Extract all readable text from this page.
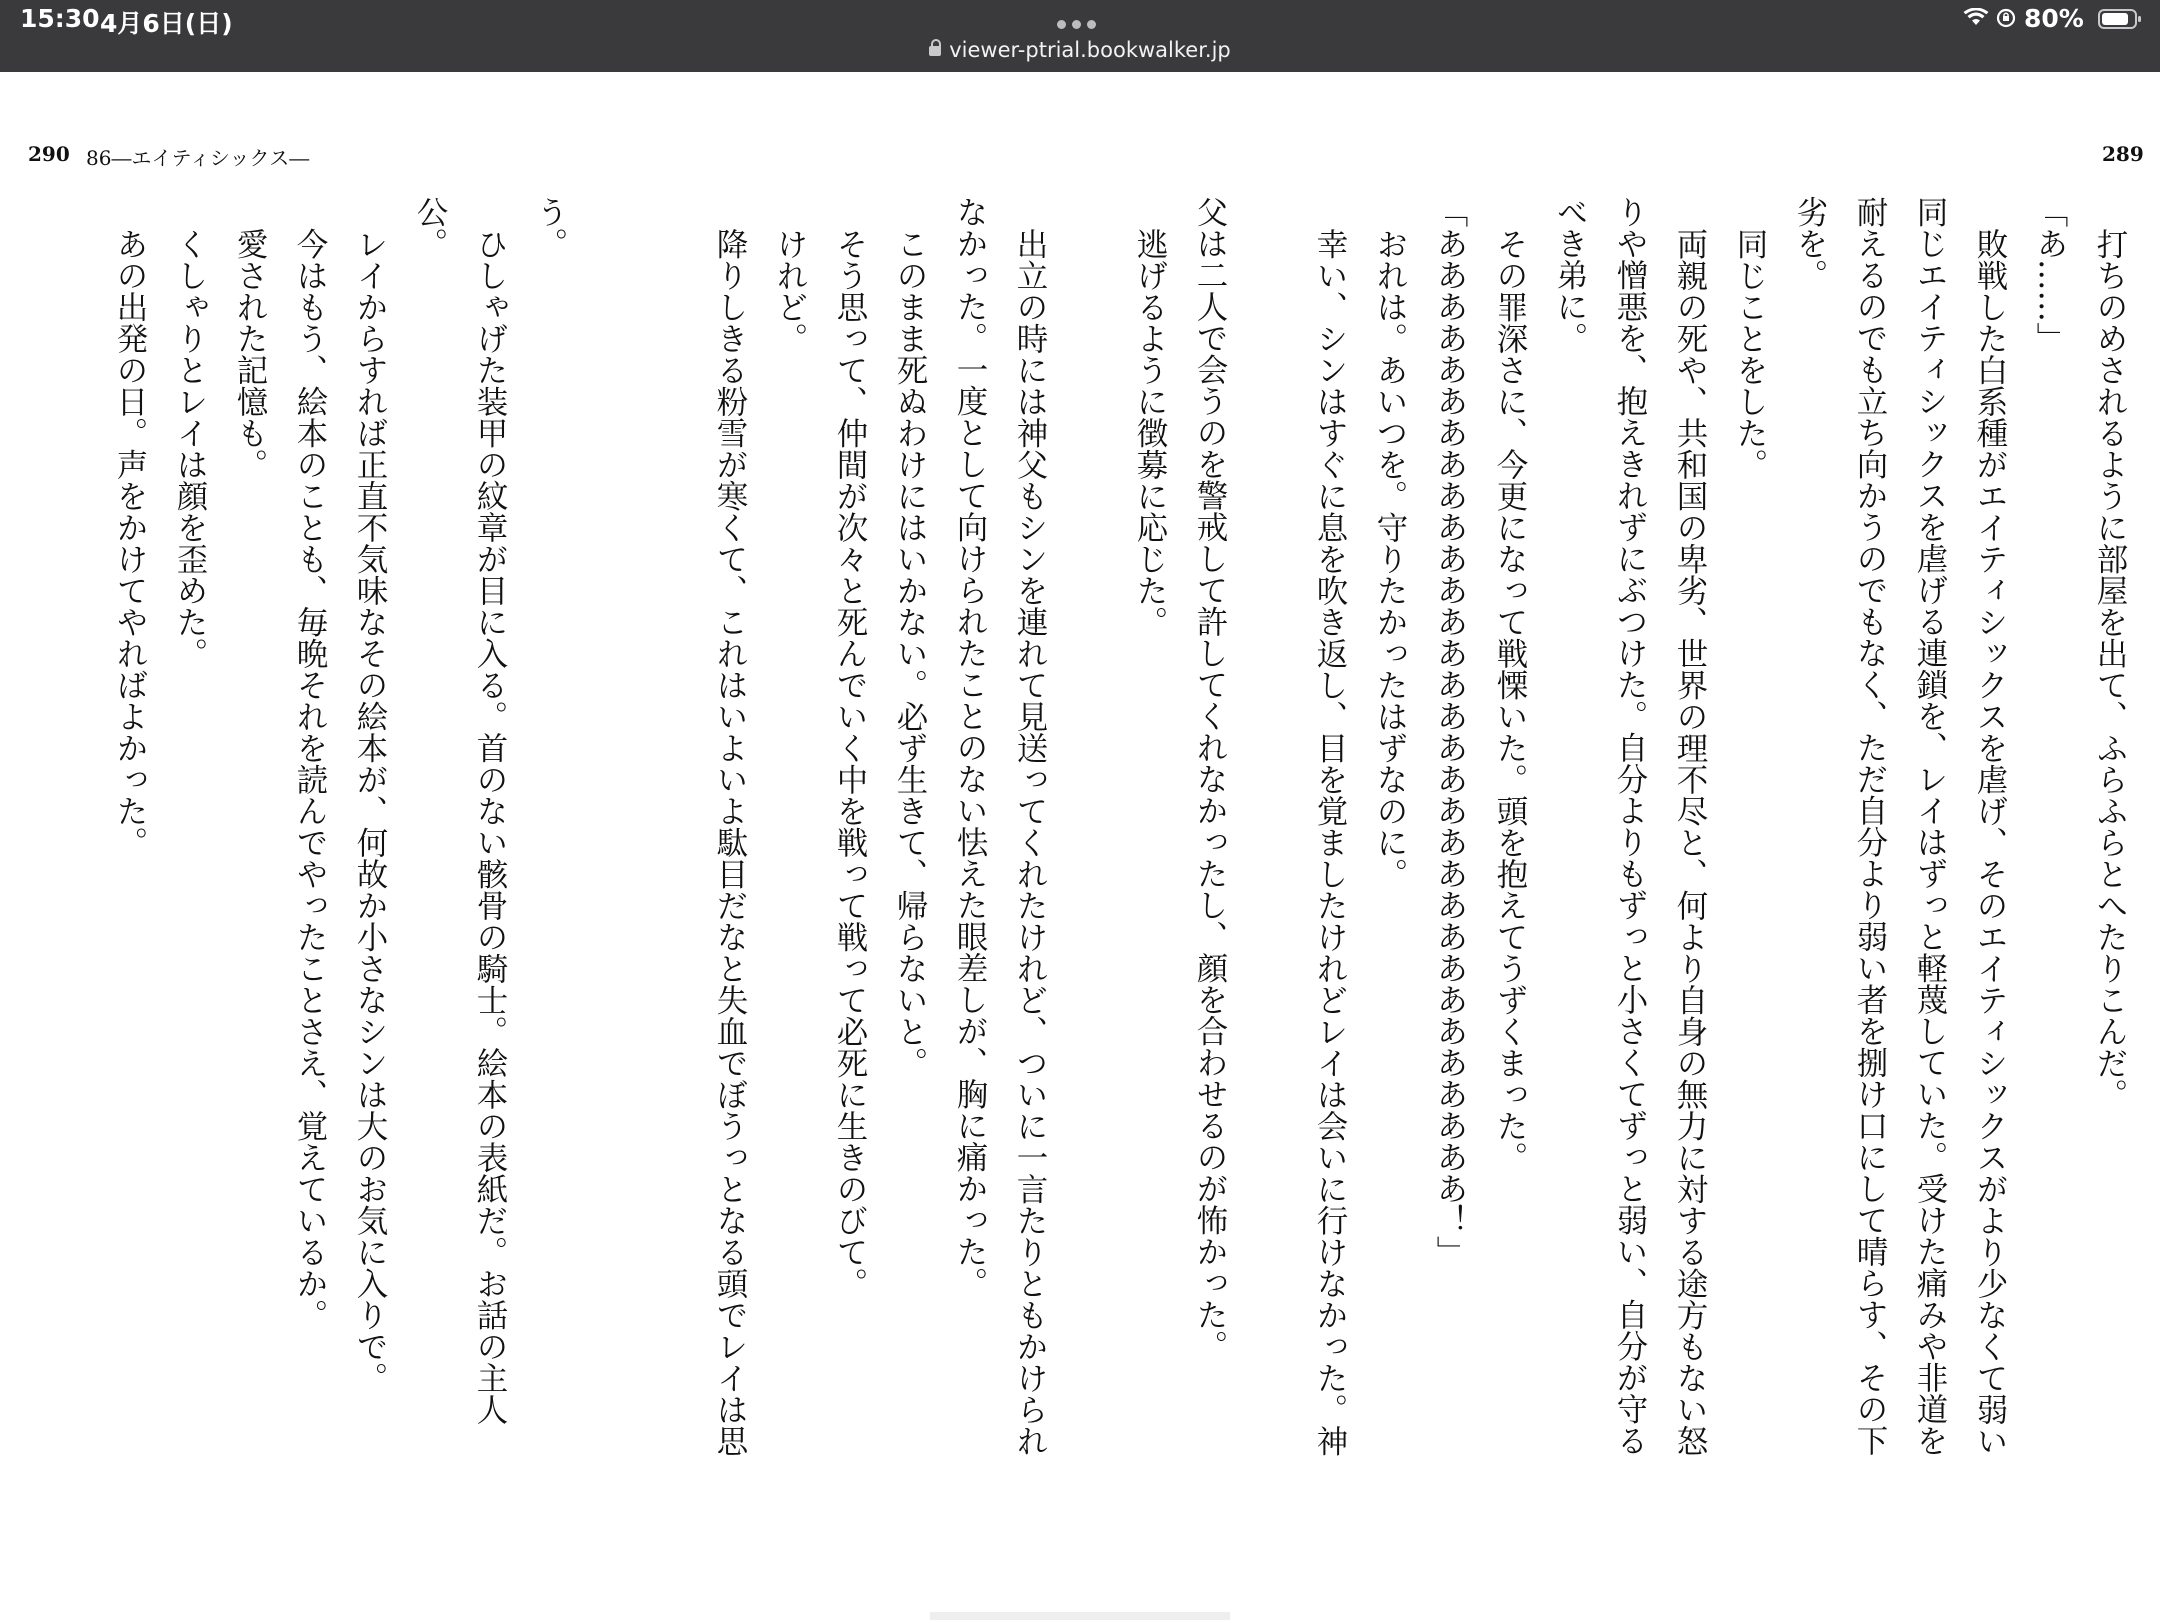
15:30 4月6日(日)
viewer-ptrial.bookwalker.jp
80%
290 86―エイティシックス―	289
打ちのめされるように部屋を出て、ふらふらとへたりこんだ。
「あ……」
敗戦した白系種がエイティシックスを虐げ、そのエイティシックスがより少なくて弱い
同じエイティシックスを虐げる連鎖を、レイはずっと軽蔑していた。受けた痛みや非道を
耐えるのでも立ち向かうのでもなく、ただ自分より弱い者を捌け口にして晴らす、その下
劣を。
同じことをした。
両親の死や、共和国の卑劣、世界の理不尽と、何より自身の無力に対する途方もない怒
りや憎悪を、抱えきれずにぶつけた。自分よりもずっと小さくてずっと弱い、自分が守る
べき弟に。
その罪深さに、今更になって戦慄いた。頭を抱えてうずくまった。
「あああああああああああああああああああああああああああああああ！」
おれは。あいつを。守りたかったはずなのに。
幸い、シンはすぐに息を吹き返し、目を覚ましたけれどレイは会いに行けなかった。神
父は二人で会うのを警戒して許してくれなかったし、顔を合わせるのが怖かった。
逃げるように徴募に応じた。
出立の時には神父もシンを連れて見送ってくれたけれど、ついに一言たりともかけられ
なかった。一度として向けられたことのない怯えた眼差しが、胸に痛かった。
このまま死ぬわけにはいかない。必ず生きて、帰らないと。
そう思って、仲間が次々と死んでいく中を戦って戦って必死に生きのびて。
けれど。
降りしきる粉雪が寒くて、これはいよいよ駄目だなと失血でぼうっとなる頭でレイは思
う。
ひしゃげた装甲の紋章が目に入る。首のない骸骨の騎士。絵本の表紙だ。お話の主人
公。
レイからすれば正直不気味なその絵本が、何故か小さなシンは大のお気に入りで。
今はもう、絵本のことも、毎晩それを読んでやったことさえ、覚えているか。
愛された記憶も。
くしゃりとレイは顔を歪めた。
あの出発の日。声をかけてやればよかった。
